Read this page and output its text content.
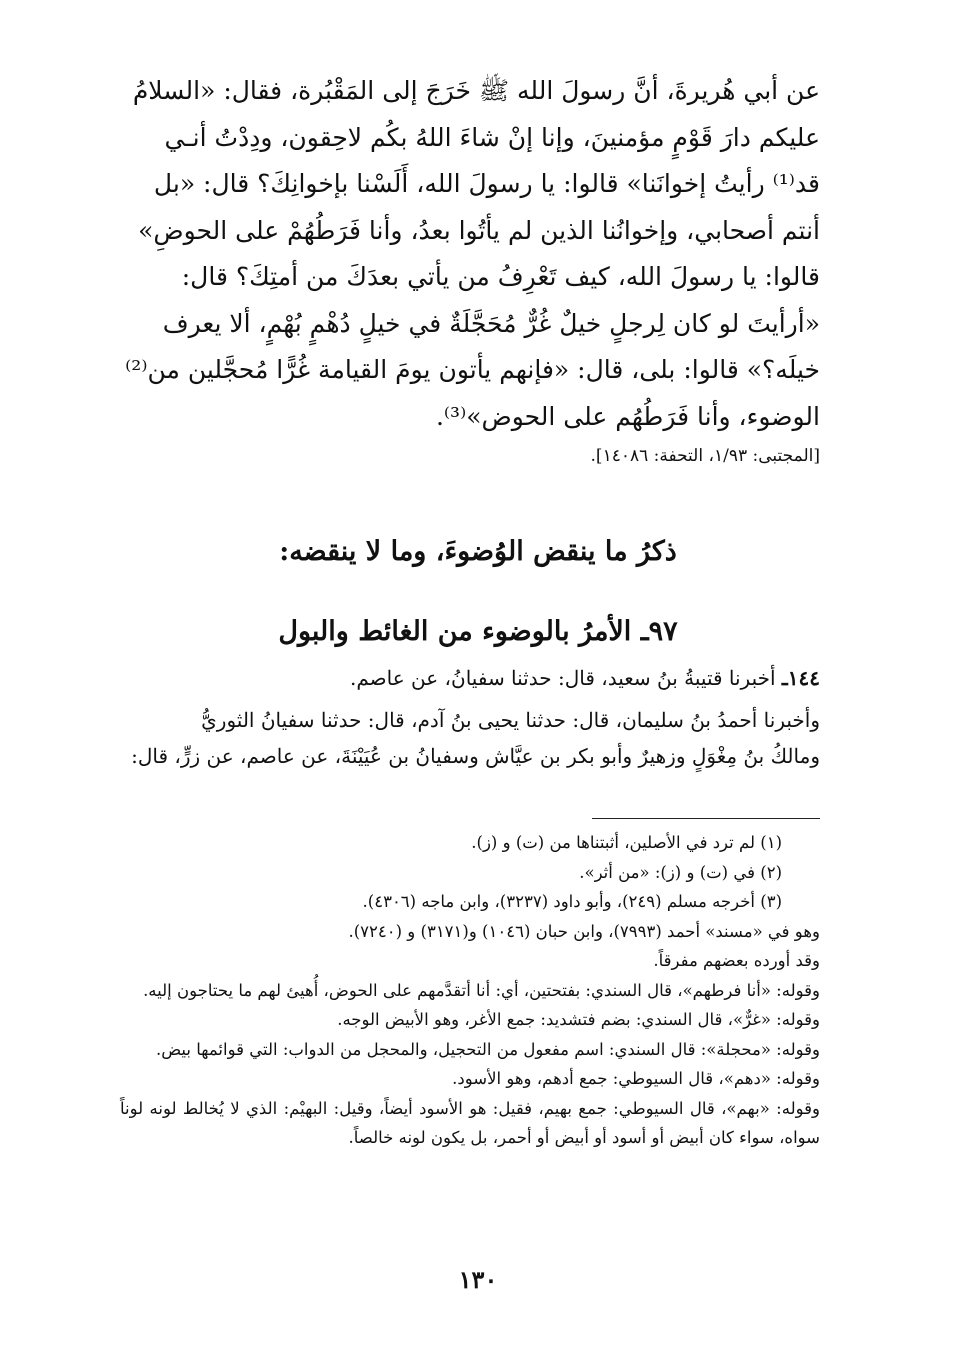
عن أبي هُريرةَ، أنَّ رسولَ الله ﷺ خَرَجَ إلى المَقْبُرة، فقال: «السلامُ

عليكم دارَ قَوْمٍ مؤمنينَ، وإنا إنْ شاءَ اللهُ بكُم لاحِقون، ودِدْتُ أنـي

قد⁽¹⁾ رأيتُ إخوانَنا» قالوا: يا رسولَ الله، أَلَسْنا بإخوانِكَ؟ قال: «بل

أنتم أصحابي، وإخوانُنا الذين لم يأتُوا بعدُ، وأنا فَرَطُهُمْ على الحوضِ»

قالوا: يا رسولَ الله، كيف تَعْرِفُ من يأتي بعدَكَ من أمتِكَ؟ قال:

«أرأيتَ لو كان لِرجلٍ خيلٌ غُرٌّ مُحَجَّلَةٌ في خيلٍ دُهْمٍ بُهْمٍ، ألا يعرف

خيلَه؟» قالوا: بلى، قال: «فإنهم يأتون يومَ القيامة غُرًّا مُحجَّلين من⁽²⁾

الوضوء، وأنا فَرَطُهُم على الحوض»⁽³⁾.

[المجتبى: ١/٩٣، التحفة: ١٤٠٨٦].
ذكرُ ما ينقض الوُضوءَ، وما لا ينقضه:
٩٧ـ الأمرُ بالوضوء من الغائط والبول

١٤٤ـ أخبرنا قتيبةُ بنُ سعيد، قال: حدثنا سفيانُ، عن عاصم.

وأخبرنا أحمدُ بنُ سليمان، قال: حدثنا يحيى بنُ آدم، قال: حدثنا سفيانُ الثوريُّ

ومالكُ بنُ مِغْوَلٍ وزهيرٌ وأبو بكر بن عيَّاش وسفيانُ بن عُيَيْنَةَ، عن عاصم، عن زرٍّ، قال:

(١) لم ترد في الأصلين، أثبتناها من (ت) و (ز).

(٢) في (ت) و (ز): «من أثر».

(٣) أخرجه مسلم (٢٤٩)، وأبو داود (٣٢٣٧)، وابن ماجه (٤٣٠٦).

وهو في «مسند» أحمد (٧٩٩٣)، وابن حبان (١٠٤٦) و(٣١٧١) و (٧٢٤٠).

وقد أورده بعضهم مفرقاً.

وقوله: «أنا فرطهم»، قال السندي: بفتحتين، أي: أنا أتقدَّمهم على الحوض، أُهيئ لهم ما يحتاجون إليه.

وقوله: «غرٌّ»، قال السندي: بضم فتشديد: جمع الأغر، وهو الأبيض الوجه.

وقوله: «محجلة»: قال السندي: اسم مفعول من التحجيل، والمحجل من الدواب: التي قوائمها بيض.

وقوله: «دهم»، قال السيوطي: جمع أدهم، وهو الأسود.

وقوله: «بهم»، قال السيوطي: جمع بهيم، فقيل: هو الأسود أيضاً، وقيل: البهيْم: الذي لا يُخالط لونه لوناً سواه، سواء كان أبيض أو أسود أو أبيض أو أحمر، بل يكون لونه خالصاً.

١٣٠
